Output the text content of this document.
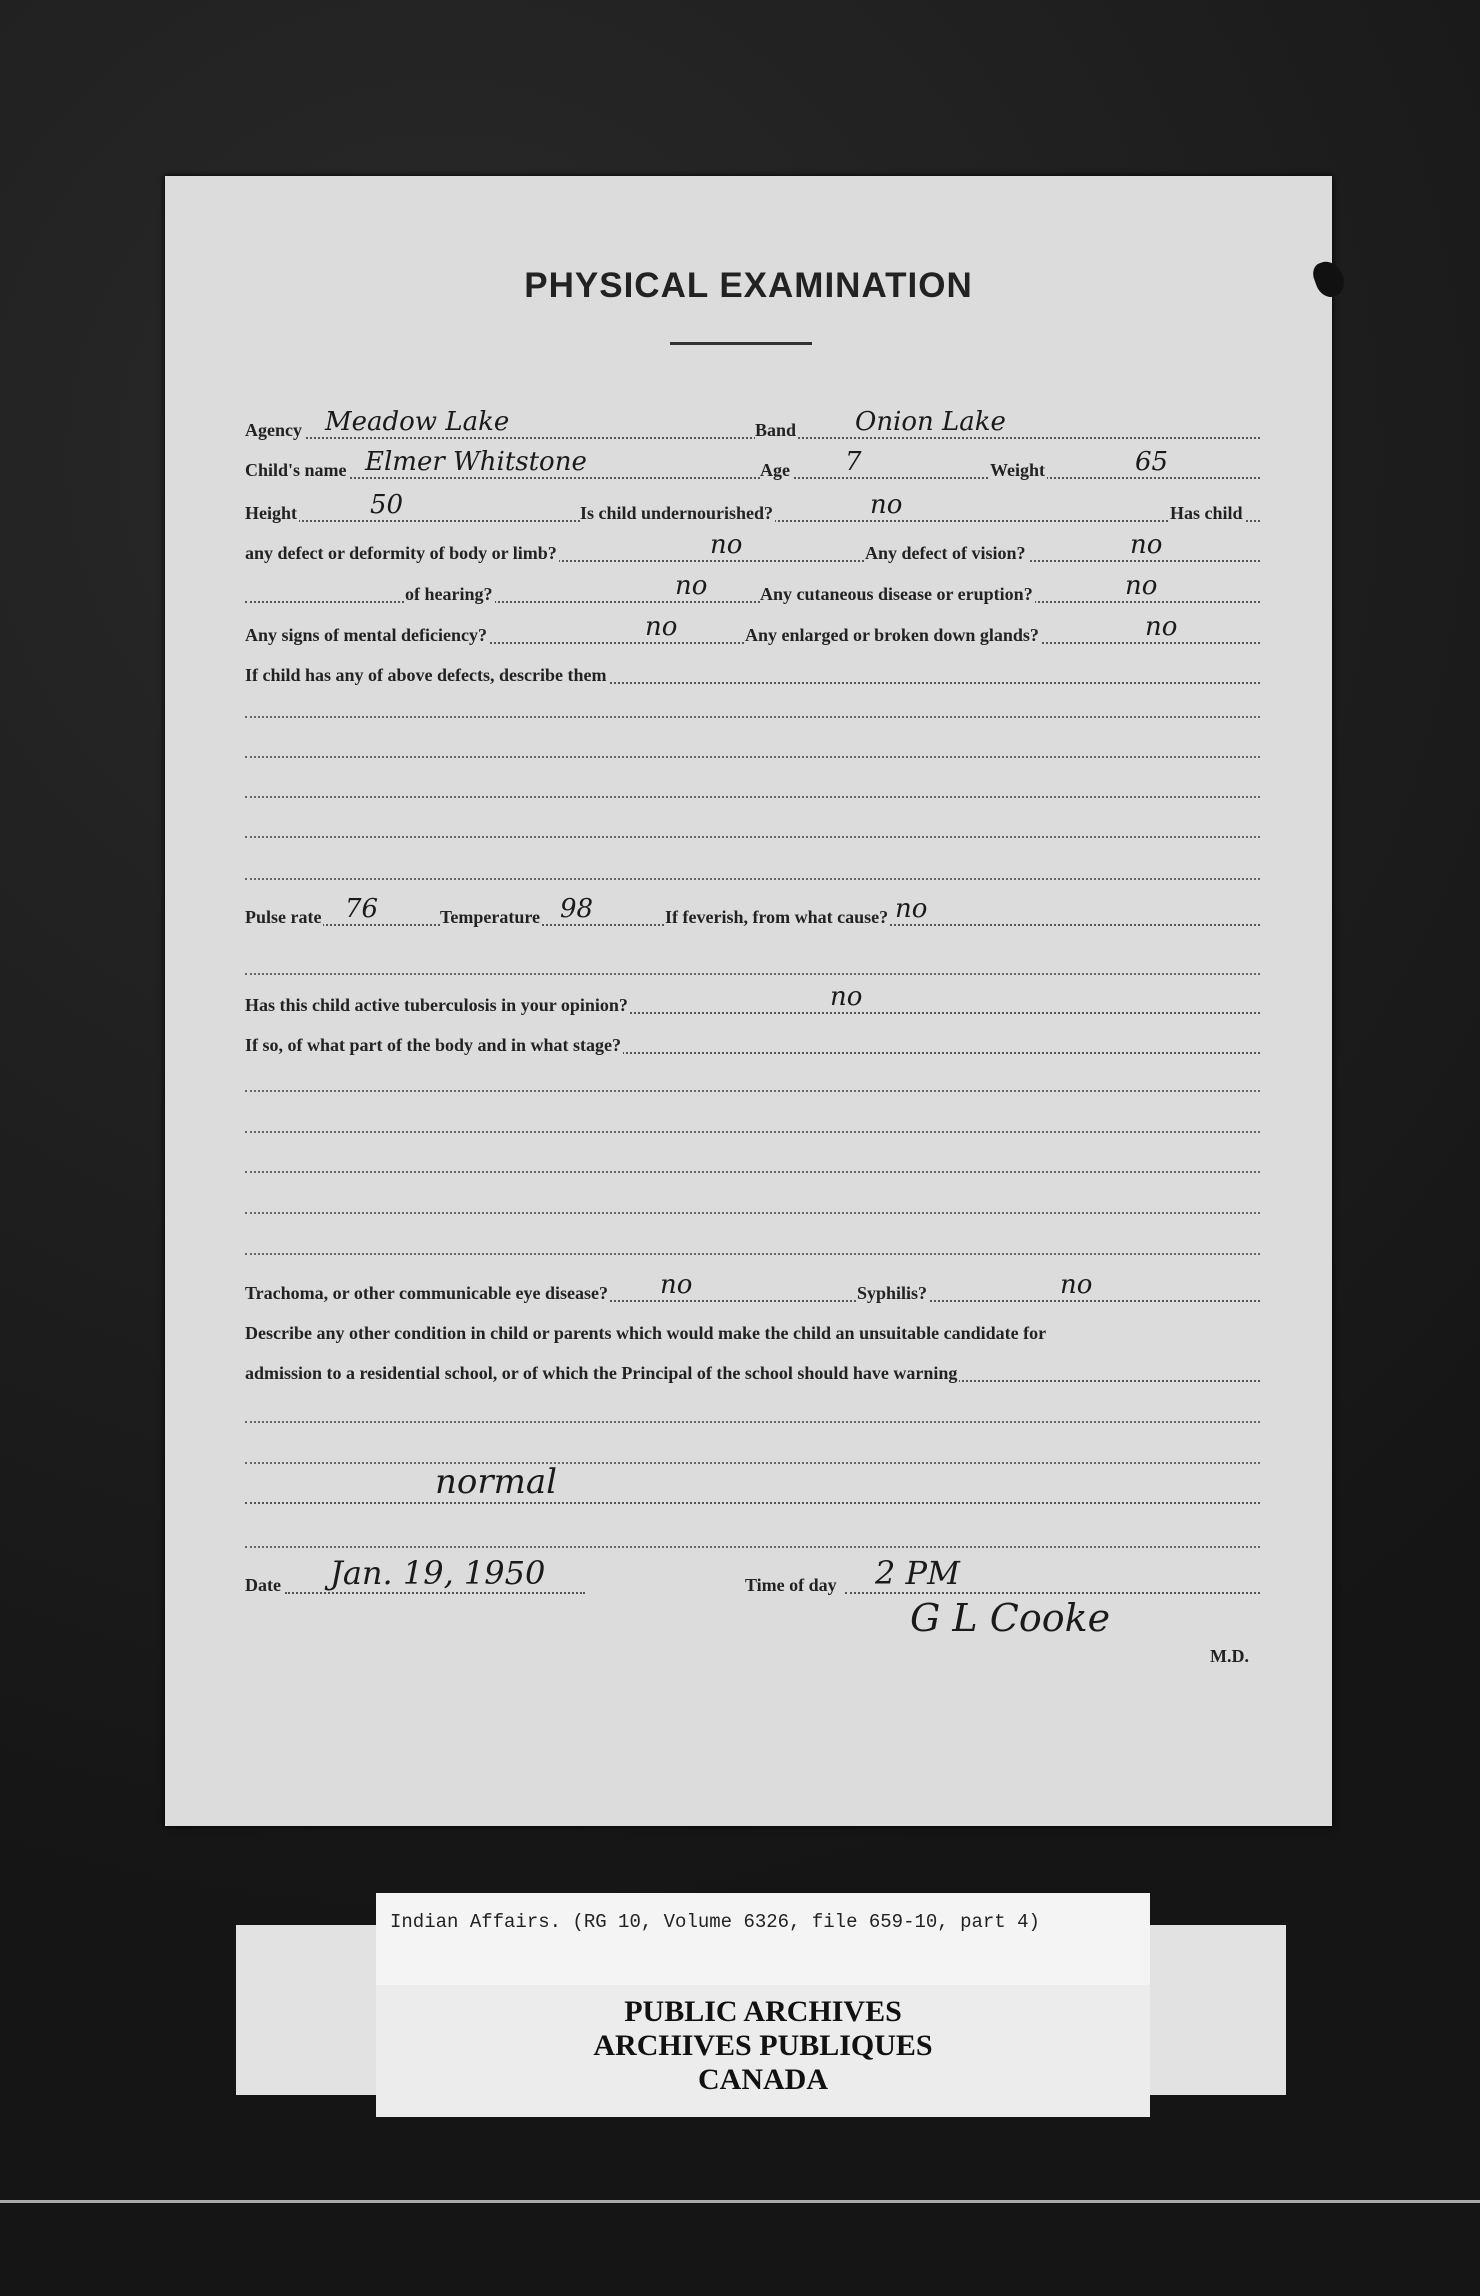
PHYSICAL EXAMINATION
Agency Meadow Lake	Band Onion Lake
Child's name Elmer Whitstone	Age 7	Weight	65
Height	50	Is child undernourished?	no	Has child
any defect or deformity of body or limb?	no	Any defect of vision?	no
of hearing?	no	Any cutaneous disease or eruption?	no
Any signs of mental deficiency?	no	Any enlarged or broken down glands?	no
If child has any of above defects, describe them
Pulse rate 76	Temperature 98	If feverish, from what cause? no
Has this child active tuberculosis in your opinion?	no
If so, of what part of the body and in what stage?
Trachoma, or other communicable eye disease? no	Syphilis?	no
Describe any other condition in child or parents which would make the child an unsuitable candidate for
admission to a residential school, or of which the Principal of the school should have warning
normal
Date Jan. 19, 1950	Time of day 2 PM
G L Cooke
M.D.
Indian Affairs. (RG 10, Volume 6326, file 659-10, part 4)
PUBLIC ARCHIVES
ARCHIVES PUBLIQUES
CANADA
